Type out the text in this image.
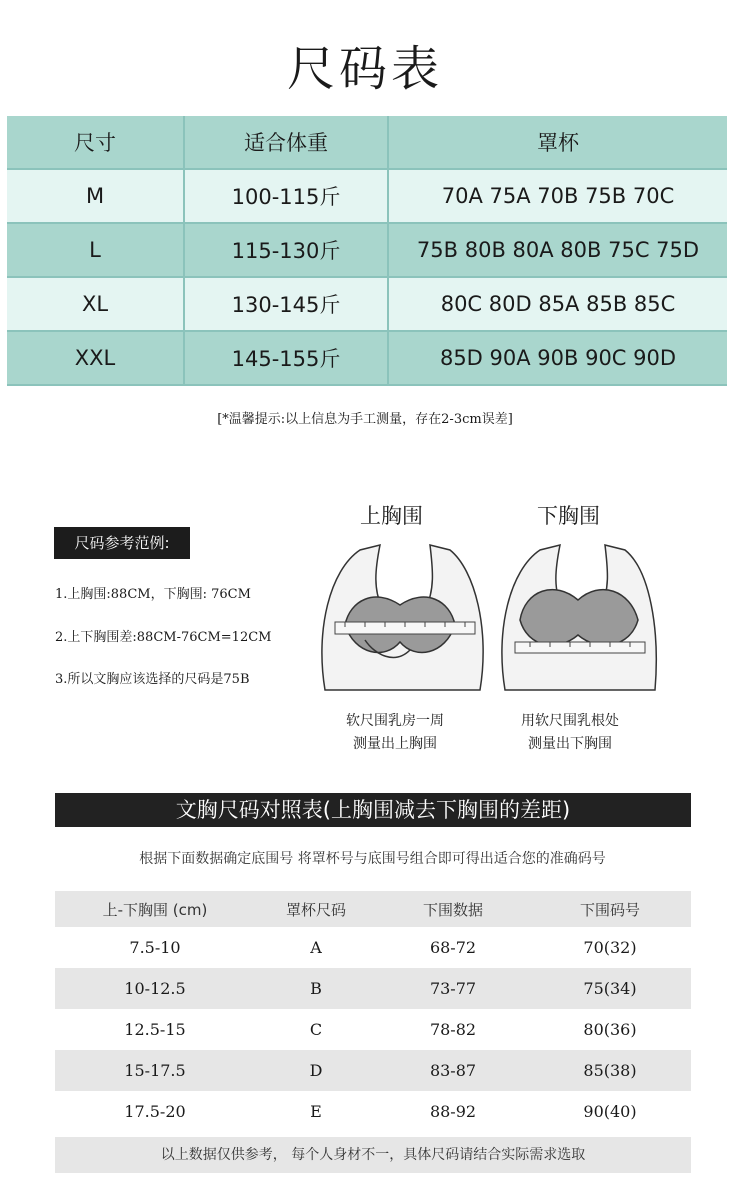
尺码表
尺寸	适合体重	罩杯
M	100-115斤	70A 75A 70B 75B 70C
L	115-130斤	75B 80B 80A 80B 75C 75D
XL	130-145斤	80C 80D 85A 85B 85C
XXL	145-155斤	85D 90A 90B 90C 90D
[*温馨提示:以上信息为手工测量，存在2-3cm误差]
尺码参考范例:
1.上胸围:88CM，下胸围: 76CM
2.上下胸围差:88CM-76CM=12CM
3.所以文胸应该选择的尺码是75B
上胸围	下胸围
软尺围乳房一周
测量出上胸围
用软尺围乳根处
测量出下胸围
文胸尺码对照表(上胸围减去下胸围的差距)
根据下面数据确定底围号 将罩杯号与底围号组合即可得出适合您的准确码号
上-下胸围 (cm)	罩杯尺码	下围数据	下围码号
7.5-10	A	68-72	70(32)
10-12.5	B	73-77	75(34)
12.5-15	C	78-82	80(36)
15-17.5	D	83-87	85(38)
17.5-20	E	88-92	90(40)
以上数据仅供参考， 每个人身材不一，具体尺码请结合实际需求选取
